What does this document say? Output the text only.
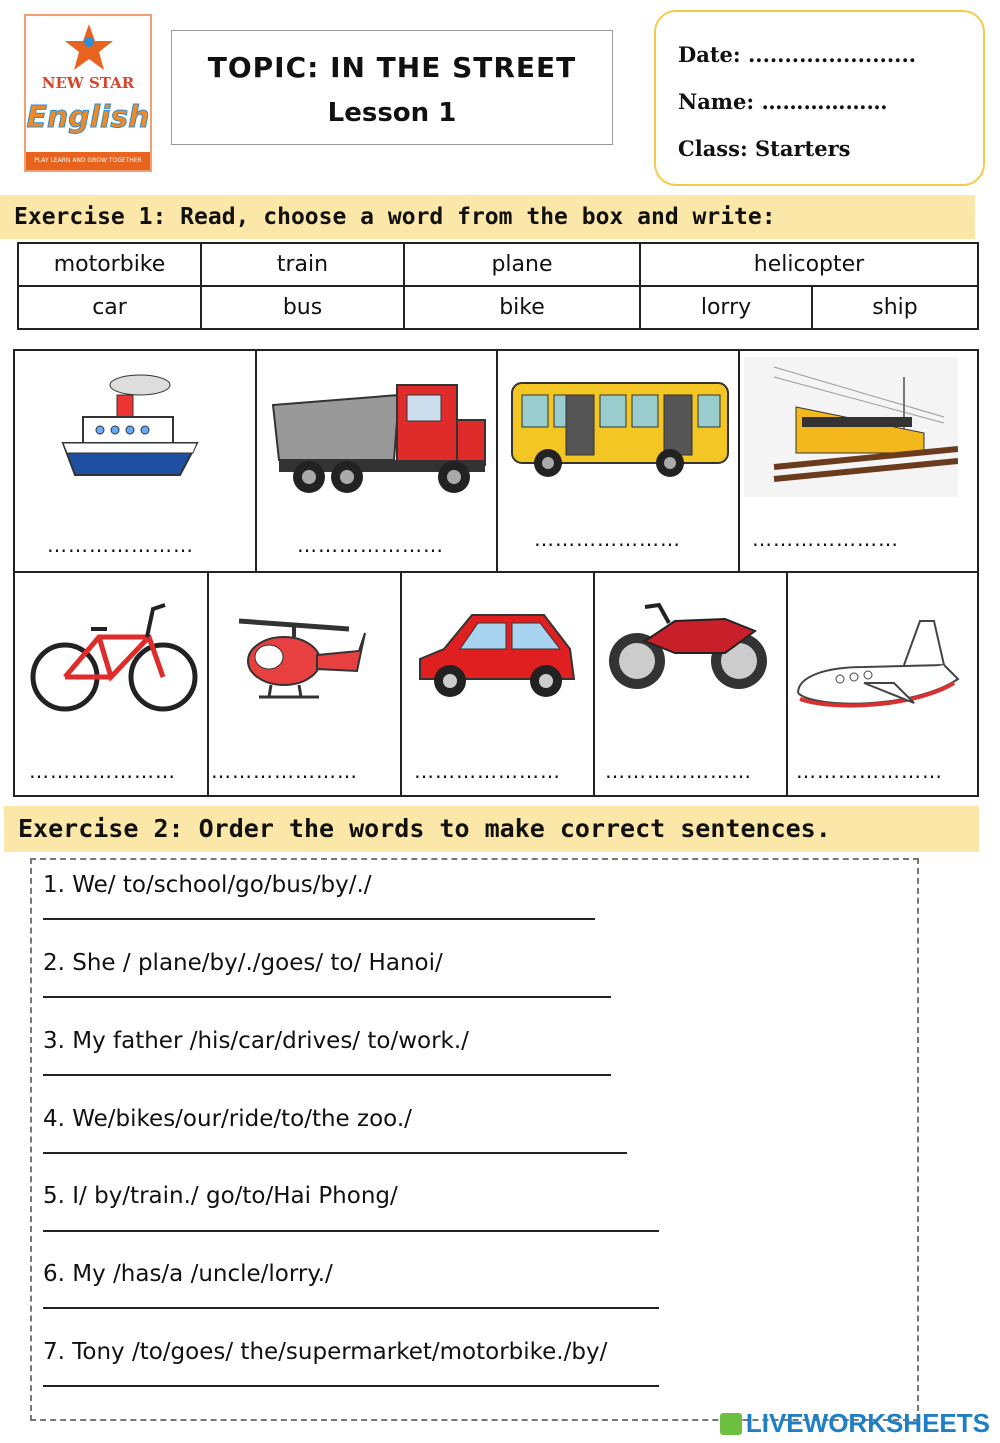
NEW STAR
English
PLAY LEARN AND GROW TOGETHER
TOPIC: IN THE STREET
Lesson 1
Date: .......................
Name: ………………
Class: Starters
Exercise 1: Read, choose a word from the box and write:
motorbike	train	plane	helicopter	
car	bus	bike	lorry	ship
…………………	…………………	…………………	…………………
………………… …………………	………………… ………………… …………………
Exercise 2: Order the words to make correct sentences.
1. We/ to/school/go/bus/by/./
2. She / plane/by/./goes/ to/ Hanoi/
3. My father /his/car/drives/ to/work./
4. We/bikes/our/ride/to/the zoo./
5. I/ by/train./ go/to/Hai Phong/
6. My /has/a /uncle/lorry./
7. Tony /to/goes/ the/supermarket/motorbike./by/
LIVEWORKSHEETS
